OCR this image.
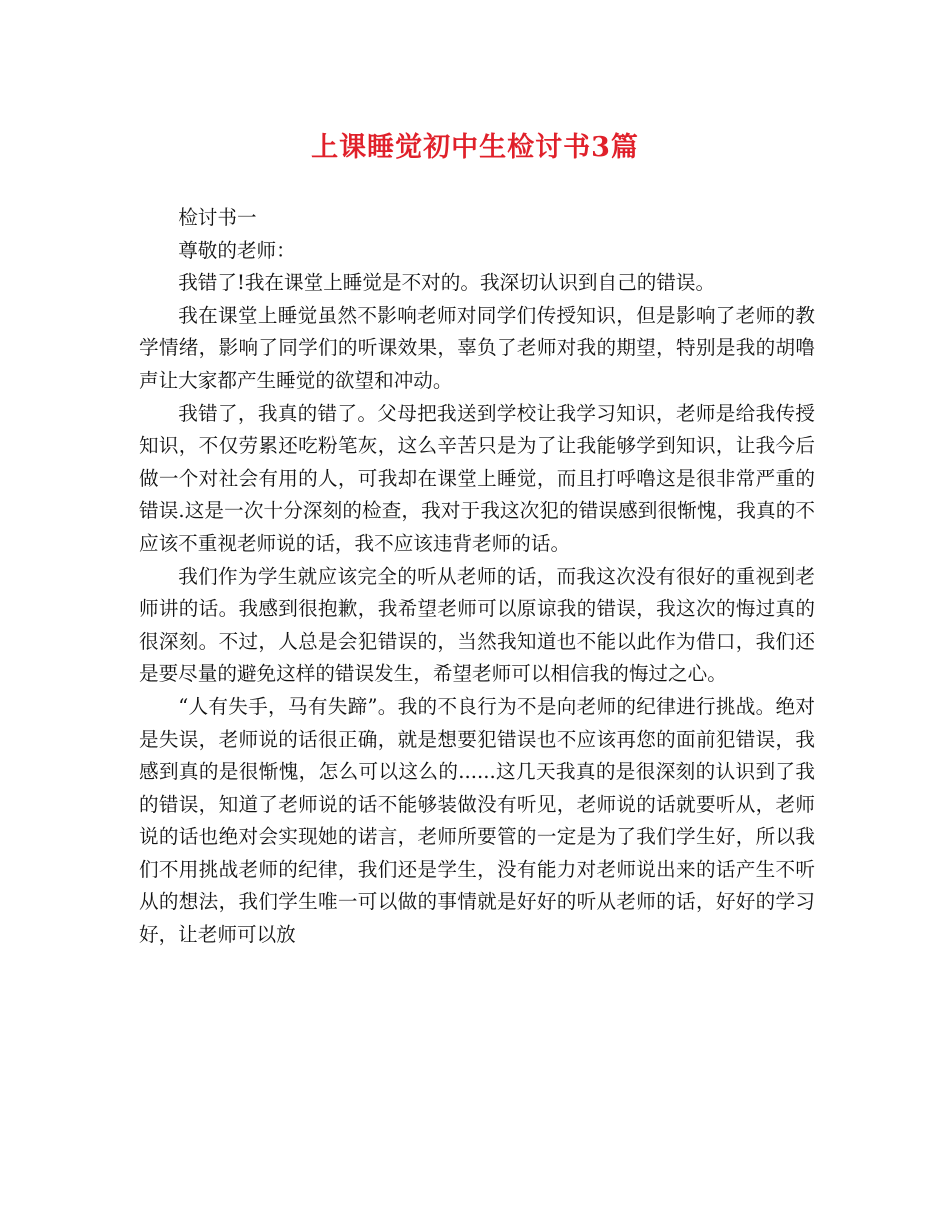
上课睡觉初中生检讨书3篇

检讨书一

尊敬的老师：

我错了!我在课堂上睡觉是不对的。我深切认识到自己的错误。

我在课堂上睡觉虽然不影响老师对同学们传授知识，但是影响了老师的教学情绪，影响了同学们的听课效果，辜负了老师对我的期望，特别是我的胡噜声让大家都产生睡觉的欲望和冲动。

我错了，我真的错了。父母把我送到学校让我学习知识，老师是给我传授知识，不仅劳累还吃粉笔灰，这么辛苦只是为了让我能够学到知识，让我今后做一个对社会有用的人，可我却在课堂上睡觉，而且打呼噜这是很非常严重的错误.这是一次十分深刻的检查，我对于我这次犯的错误感到很惭愧，我真的不应该不重视老师说的话，我不应该违背老师的话。

我们作为学生就应该完全的听从老师的话，而我这次没有很好的重视到老师讲的话。我感到很抱歉，我希望老师可以原谅我的错误，我这次的悔过真的很深刻。不过，人总是会犯错误的，当然我知道也不能以此作为借口，我们还是要尽量的避免这样的错误发生，希望老师可以相信我的悔过之心。

“人有失手，马有失蹄”。我的不良行为不是向老师的纪律进行挑战。绝对是失误，老师说的话很正确，就是想要犯错误也不应该再您的面前犯错误，我感到真的是很惭愧，怎么可以这么的......这几天我真的是很深刻的认识到了我的错误，知道了老师说的话不能够装做没有听见，老师说的话就要听从，老师说的话也绝对会实现她的诺言，老师所要管的一定是为了我们学生好，所以我们不用挑战老师的纪律，我们还是学生，没有能力对老师说出来的话产生不听从的想法，我们学生唯一可以做的事情就是好好的听从老师的话，好好的学习好，让老师可以放
